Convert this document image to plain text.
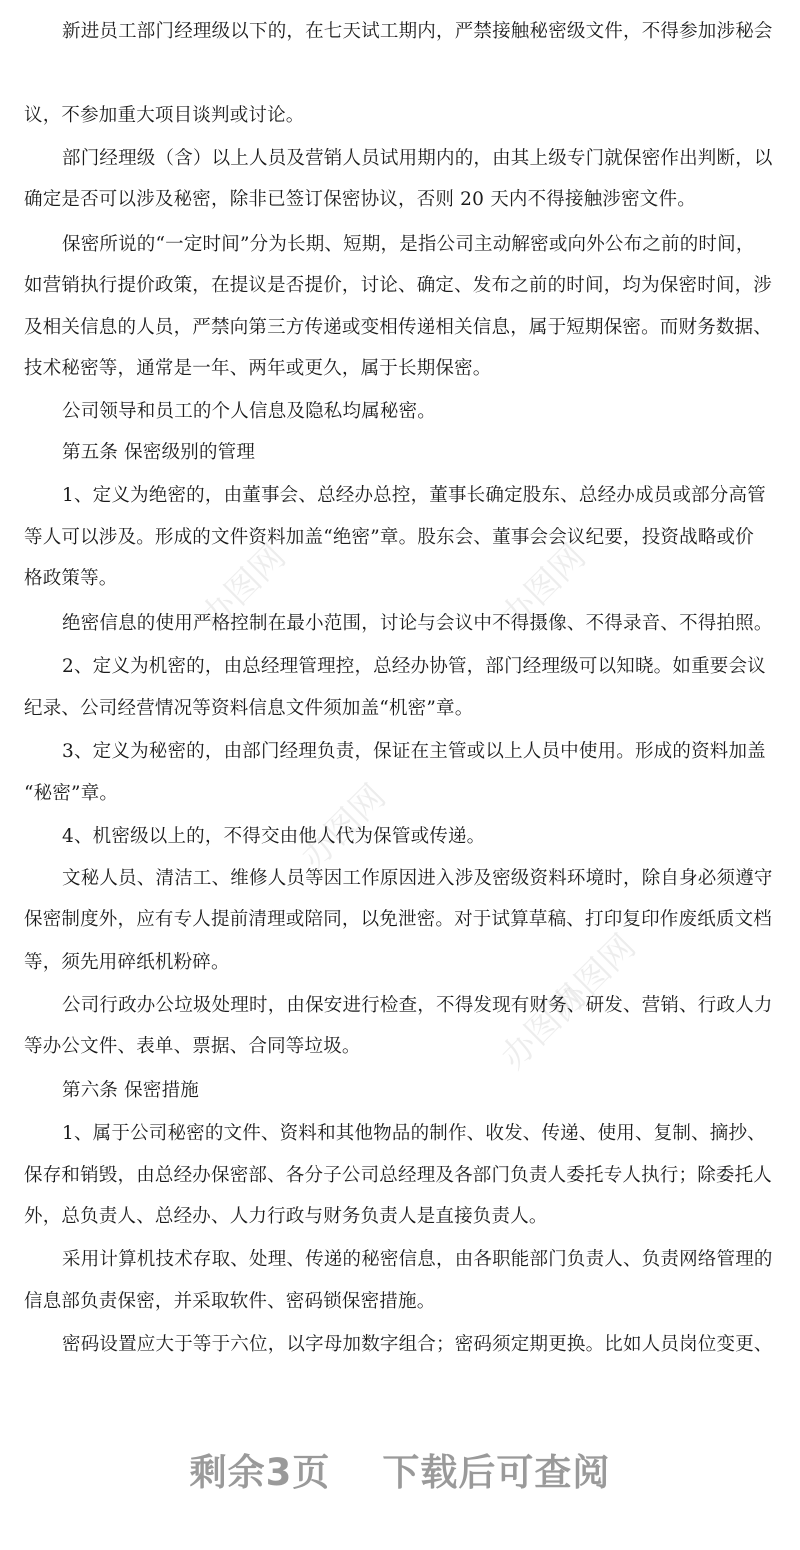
办图网	办图网
办图网
办图网
办图网
新进员工部门经理级以下的，在七天试工期内，严禁接触秘密级文件，不得参加涉秘会
议，不参加重大项目谈判或讨论。
部门经理级（含）以上人员及营销人员试用期内的，由其上级专门就保密作出判断，以
确定是否可以涉及秘密，除非已签订保密协议，否则 20 天内不得接触涉密文件。
保密所说的“一定时间”分为长期、短期，是指公司主动解密或向外公布之前的时间，
如营销执行提价政策，在提议是否提价，讨论、确定、发布之前的时间，均为保密时间，涉
及相关信息的人员，严禁向第三方传递或变相传递相关信息，属于短期保密。而财务数据、
技术秘密等，通常是一年、两年或更久，属于长期保密。
公司领导和员工的个人信息及隐私均属秘密。
第五条 保密级别的管理
1、定义为绝密的，由董事会、总经办总控，董事长确定股东、总经办成员或部分高管
等人可以涉及。形成的文件资料加盖“绝密”章。股东会、董事会会议纪要，投资战略或价
格政策等。
绝密信息的使用严格控制在最小范围，讨论与会议中不得摄像、不得录音、不得拍照。
2、定义为机密的，由总经理管理控，总经办协管，部门经理级可以知晓。如重要会议
纪录、公司经营情况等资料信息文件须加盖“机密”章。
3、定义为秘密的，由部门经理负责，保证在主管或以上人员中使用。形成的资料加盖
“秘密”章。
4、机密级以上的，不得交由他人代为保管或传递。
文秘人员、清洁工、维修人员等因工作原因进入涉及密级资料环境时，除自身必须遵守
保密制度外，应有专人提前清理或陪同，以免泄密。对于试算草稿、打印复印作废纸质文档
等，须先用碎纸机粉碎。
公司行政办公垃圾处理时，由保安进行检查，不得发现有财务、研发、营销、行政人力
等办公文件、表单、票据、合同等垃圾。
第六条 保密措施
1、属于公司秘密的文件、资料和其他物品的制作、收发、传递、使用、复制、摘抄、
保存和销毁，由总经办保密部、各分子公司总经理及各部门负责人委托专人执行；除委托人
外，总负责人、总经办、人力行政与财务负责人是直接负责人。
采用计算机技术存取、处理、传递的秘密信息，由各职能部门负责人、负责网络管理的
信息部负责保密，并采取软件、密码锁保密措施。
密码设置应大于等于六位，以字母加数字组合；密码须定期更换。比如人员岗位变更、
剩余3页 下载后可查阅
